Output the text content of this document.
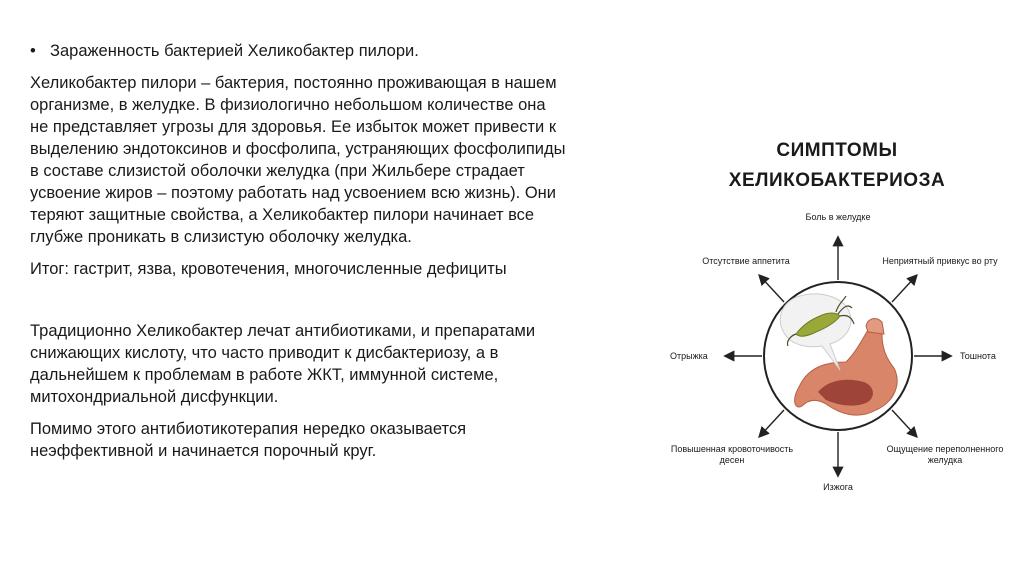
• Зараженность бактерией Хеликобактер пилори.

Хеликобактер пилори – бактерия, постоянно проживающая в нашем
организме, в желудке. В физиологично небольшом количестве она
не представляет угрозы для здоровья. Ее избыток может привести к
выделению эндотоксинов и фосфолипа, устраняющих фосфолипиды
в составе слизистой оболочки желудка (при Жильбере страдает
усвоение жиров – поэтому работать над усвоением всю жизнь). Они
теряют защитные свойства, а Хеликобактер пилори начинает все
глубже проникать в слизистую оболочку желудка.

Итог: гастрит, язва, кровотечения, многочисленные дефициты

Традиционно Хеликобактер лечат антибиотиками, и препаратами
снижающих кислоту, что часто приводит к дисбактериозу, а в
дальнейшем к проблемам в работе ЖКТ, иммунной системе,
митохондриальной дисфункции.

Помимо этого антибиотикотерапия нередко оказывается
неэффективной и начинается порочный круг.

СИМПТОМЫ
ХЕЛИКОБАКТЕРИОЗА
Боль в желудке
Отсутствие аппетита	Неприятный привкус во рту
Отрыжка	Тошнота
Повышенная кровоточивость
десен
Ощущение переполненного
желудка
Изжога
